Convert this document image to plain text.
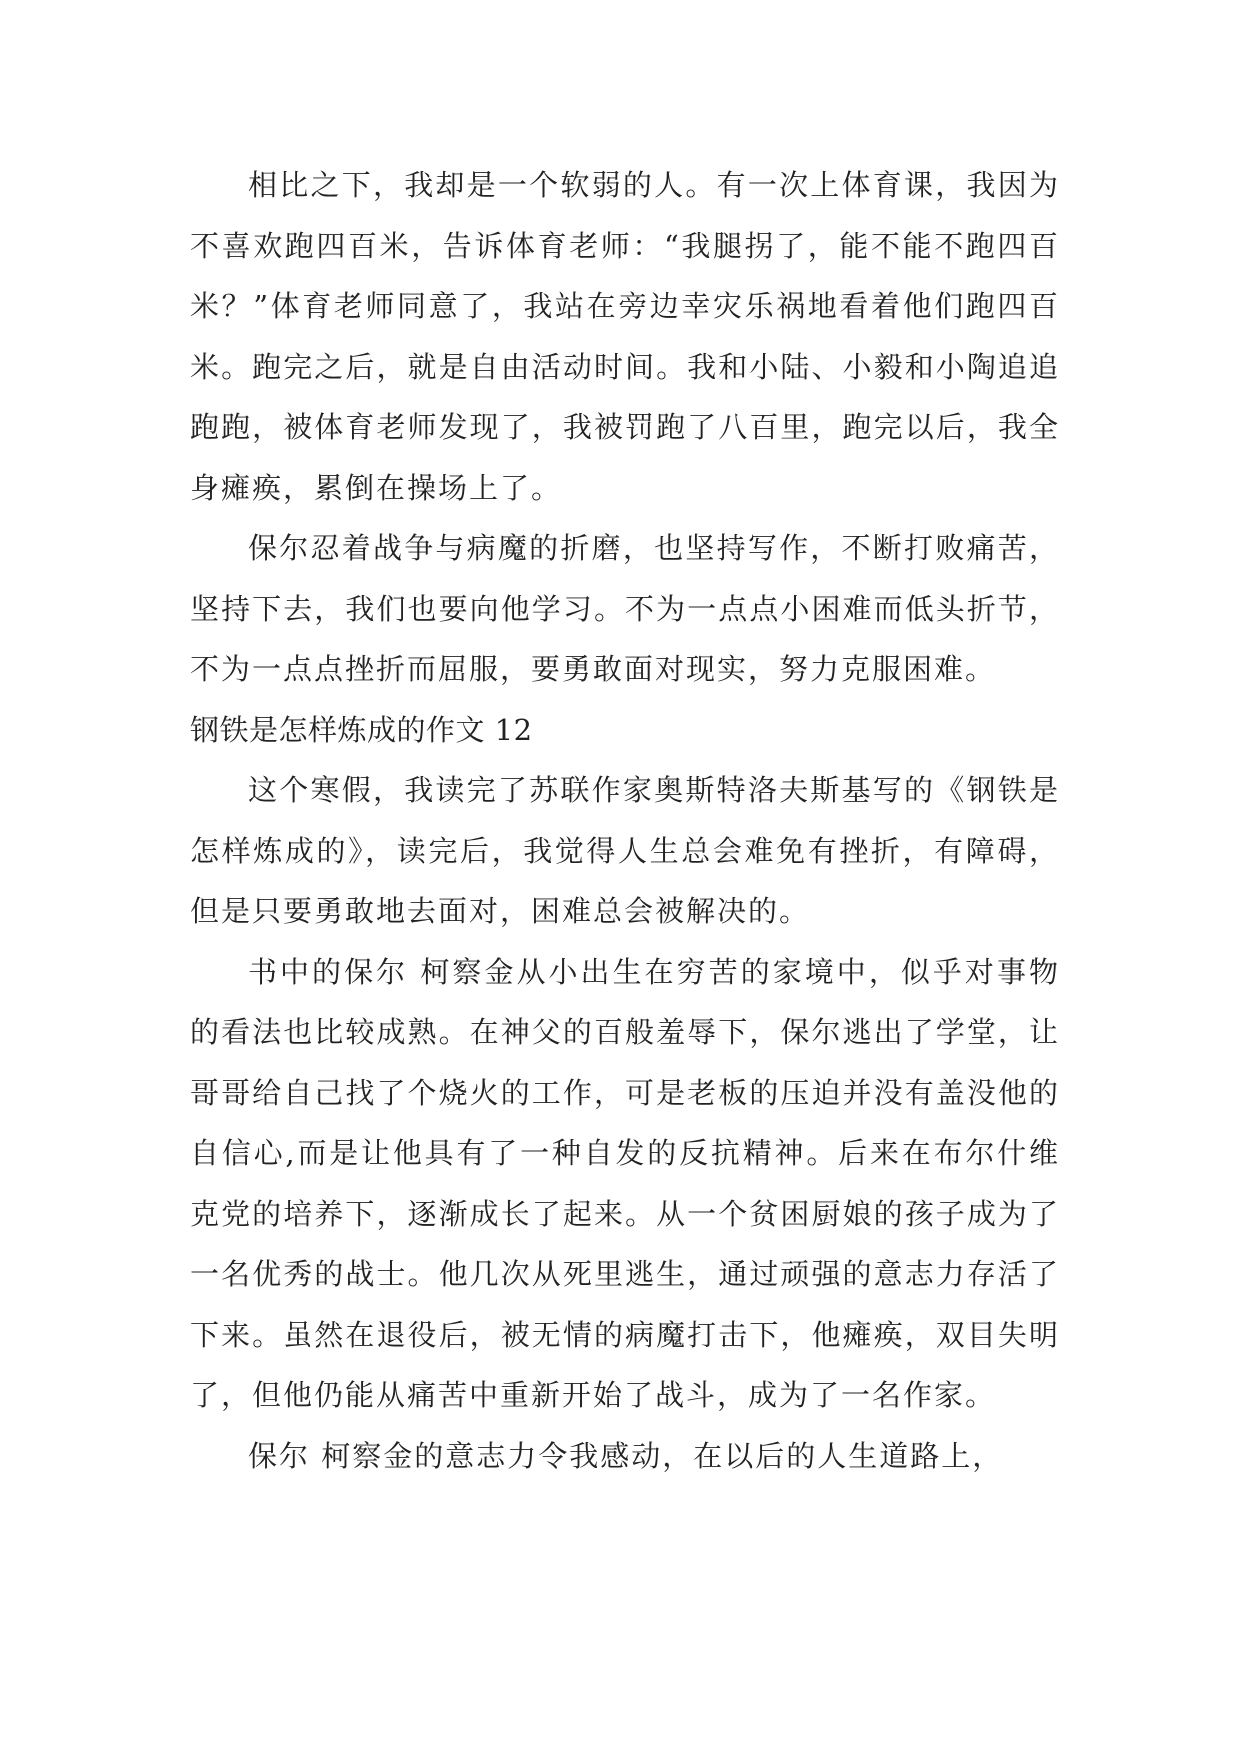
相比之下，我却是一个软弱的人。有一次上体育课，我因为不喜欢跑四百米，告诉体育老师：“我腿拐了，能不能不跑四百米？”体育老师同意了，我站在旁边幸灾乐祸地看着他们跑四百米。跑完之后，就是自由活动时间。我和小陆、小毅和小陶追追跑跑，被体育老师发现了，我被罚跑了八百里，跑完以后，我全身瘫痪，累倒在操场上了。

保尔忍着战争与病魔的折磨，也坚持写作，不断打败痛苦，坚持下去，我们也要向他学习。不为一点点小困难而低头折节，不为一点点挫折而屈服，要勇敢面对现实，努力克服困难。

钢铁是怎样炼成的作文 12

这个寒假，我读完了苏联作家奥斯特洛夫斯基写的《钢铁是怎样炼成的》，读完后，我觉得人生总会难免有挫折，有障碍，但是只要勇敢地去面对，困难总会被解决的。

书中的保尔 柯察金从小出生在穷苦的家境中，似乎对事物的看法也比较成熟。在神父的百般羞辱下，保尔逃出了学堂，让哥哥给自己找了个烧火的工作，可是老板的压迫并没有盖没他的自信心,而是让他具有了一种自发的反抗精神。后来在布尔什维克党的培养下，逐渐成长了起来。从一个贫困厨娘的孩子成为了一名优秀的战士。他几次从死里逃生，通过顽强的意志力存活了下来。虽然在退役后，被无情的病魔打击下，他瘫痪，双目失明了，但他仍能从痛苦中重新开始了战斗，成为了一名作家。

保尔 柯察金的意志力令我感动，在以后的人生道路上，
